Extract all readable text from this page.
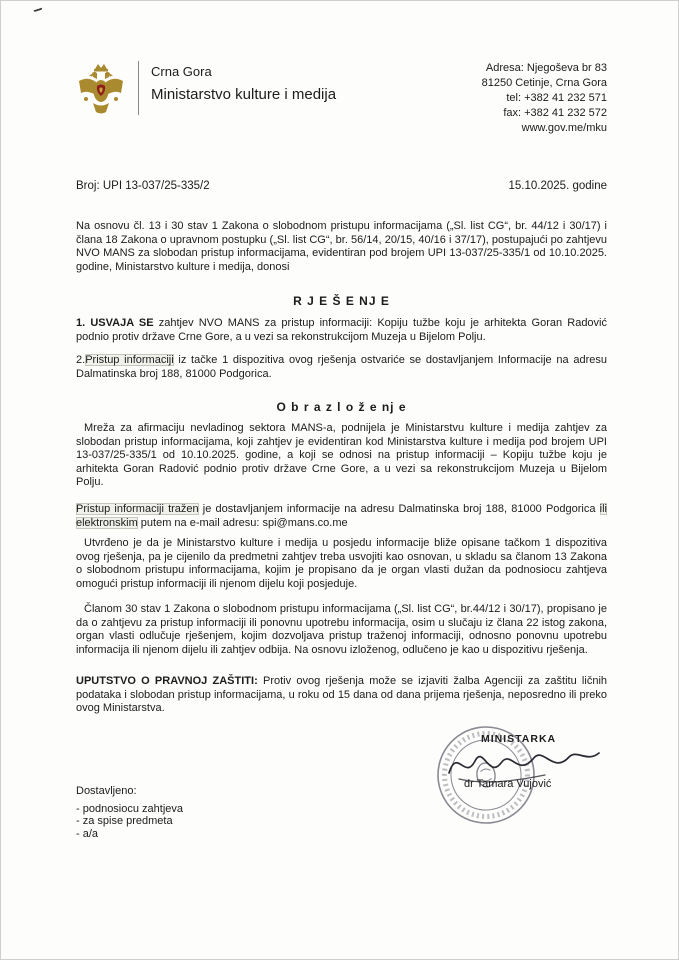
Crna Gora
Ministarstvo kulture i medija
Adresa: Njegoševa br 83
81250 Cetinje, Crna Gora
tel: +382 41 232 571
fax: +382 41 232 572
www.gov.me/mku
Broj: UPI 13-037/25-335/2	15.10.2025. godine

Na osnovu čl. 13 i 30 stav 1 Zakona o slobodnom pristupu informacijama („Sl. list CG“, br. 44/12 i 30/17) i člana 18 Zakona o upravnom postupku („Sl. list CG“, br. 56/14, 20/15, 40/16 i 37/17), postupajući po zahtjevu NVO MANS za slobodan pristup informacijama, evidentiran pod brojem UPI 13-037/25-335/1 od 10.10.2025. godine, Ministarstvo kulture i medija, donosi

R J E Š E NJ E

1. USVAJA SE zahtjev NVO MANS za pristup informaciji: Kopiju tužbe koju je arhitekta Goran Radović podnio protiv države Crne Gore, a u vezi sa rekonstrukcijom Muzeja u Bijelom Polju.

2.Pristup informaciji iz tačke 1 dispozitiva ovog rješenja ostvariće se dostavljanjem Informacije na adresu Dalmatinska broj 188, 81000 Podgorica.

O b r a z l o ž e nj e

Mreža za afirmaciju nevladinog sektora MANS-a, podnijela je Ministarstvu kulture i medija zahtjev za slobodan pristup informacijama, koji zahtjev je evidentiran kod Ministarstva kulture i medija pod brojem UPI 13-037/25-335/1 od 10.10.2025. godine, a koji se odnosi na pristup informaciji – Kopiju tužbe koju je arhitekta Goran Radović podnio protiv države Crne Gore, a u vezi sa rekonstrukcijom Muzeja u Bijelom Polju.

Pristup informaciji tražen je dostavljanjem informacije na adresu Dalmatinska broj 188, 81000 Podgorica ili elektronskim putem na e-mail adresu: spi@mans.co.me

Utvrđeno je da je Ministarstvo kulture i medija u posjedu informacije bliže opisane tačkom 1 dispozitiva ovog rješenja, pa je cijenilo da predmetni zahtjev treba usvojiti kao osnovan, u skladu sa članom 13 Zakona o slobodnom pristupu informacijama, kojim je propisano da je organ vlasti dužan da podnosiocu zahtjeva omogući pristup informaciji ili njenom dijelu koji posjeduje.

Članom 30 stav 1 Zakona o slobodnom pristupu informacijama („Sl. list CG“, br.44/12 i 30/17), propisano je da o zahtjevu za pristup informaciji ili ponovnu upotrebu informacija, osim u slučaju iz člana 22 istog zakona, organ vlasti odlučuje rješenjem, kojim dozvoljava pristup traženoj informaciji, odnosno ponovnu upotrebu informacija ili njenom dijelu ili zahtjev odbija. Na osnovu izloženog, odlučeno je kao u dispozitivu rješenja.

UPUTSTVO O PRAVNOJ ZAŠTITI: Protiv ovog rješenja može se izjaviti žalba Agenciji za zaštitu ličnih podataka i slobodan pristup informacijama, u roku od 15 dana od dana prijema rješenja, neposredno ili preko ovog Ministarstva.

MINISTARKA
dr Tamara Vujović
Dostavljeno:
- podnosiocu zahtjeva
- za spise predmeta
- a/a
